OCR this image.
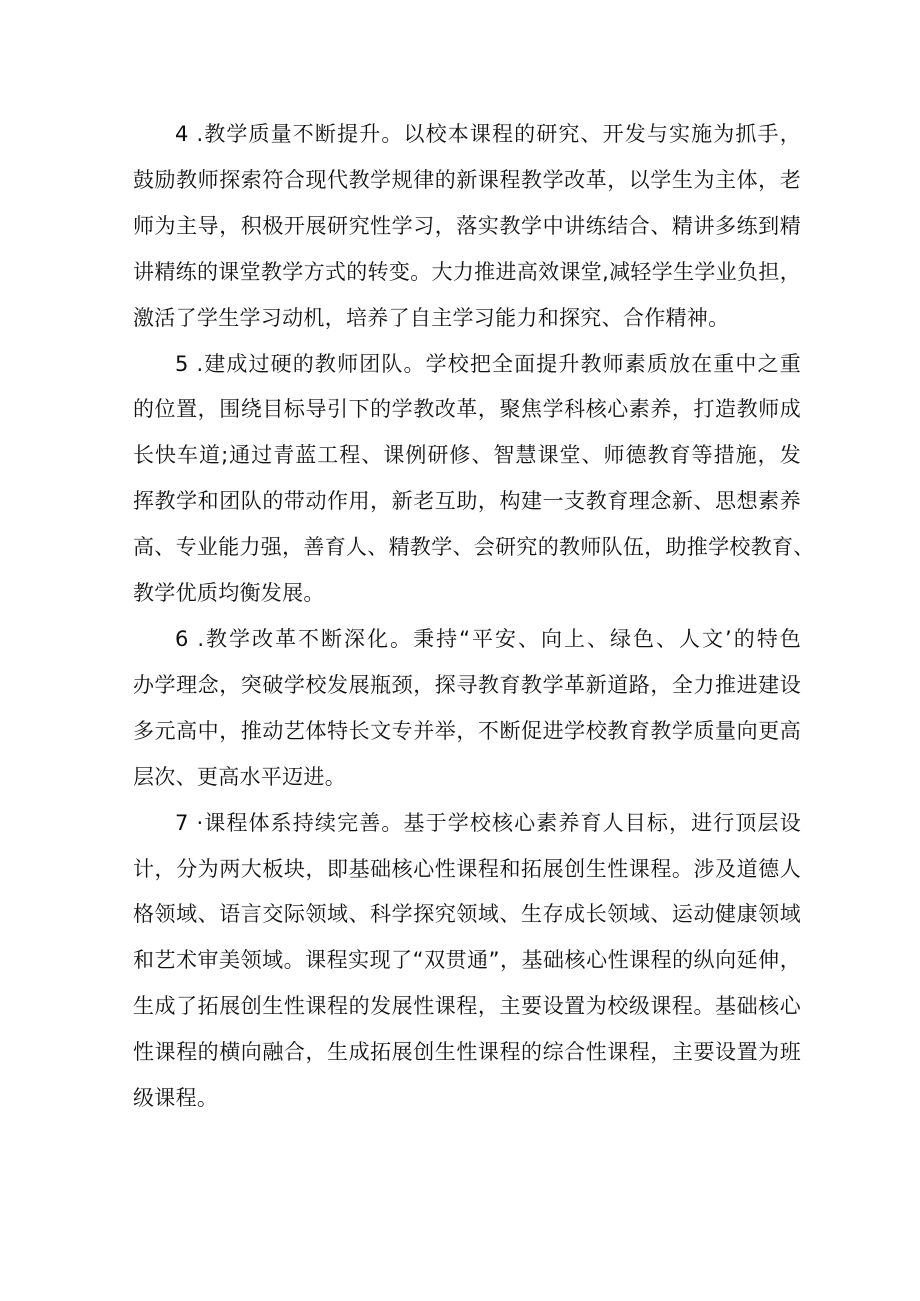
4 .教学质量不断提升。以校本课程的研究、开发与实施为抓手，
鼓励教师探索符合现代教学规律的新课程教学改革，以学生为主体，老
师为主导，积极开展研究性学习，落实教学中讲练结合、精讲多练到精
讲精练的课堂教学方式的转变。大力推进高效课堂,减轻学生学业负担，
激活了学生学习动机，培养了自主学习能力和探究、合作精神。

5 .建成过硬的教师团队。学校把全面提升教师素质放在重中之重
的位置，围绕目标导引下的学教改革，聚焦学科核心素养，打造教师成
长快车道;通过青蓝工程、课例研修、智慧课堂、师德教育等措施，发
挥教学和团队的带动作用，新老互助，构建一支教育理念新、思想素养
高、专业能力强，善育人、精教学、会研究的教师队伍，助推学校教育、
教学优质均衡发展。

6 .教学改革不断深化。秉持“平安、向上、绿色、人文’的特色
办学理念，突破学校发展瓶颈，探寻教育教学革新道路，全力推进建设
多元高中，推动艺体特长文专并举，不断促进学校教育教学质量向更高
层次、更高水平迈进。

7 ·课程体系持续完善。基于学校核心素养育人目标，进行顶层设
计，分为两大板块，即基础核心性课程和拓展创生性课程。涉及道德人
格领域、语言交际领域、科学探究领域、生存成长领域、运动健康领域
和艺术审美领域。课程实现了“双贯通”，基础核心性课程的纵向延伸，
生成了拓展创生性课程的发展性课程，主要设置为校级课程。基础核心
性课程的横向融合，生成拓展创生性课程的综合性课程，主要设置为班
级课程。
